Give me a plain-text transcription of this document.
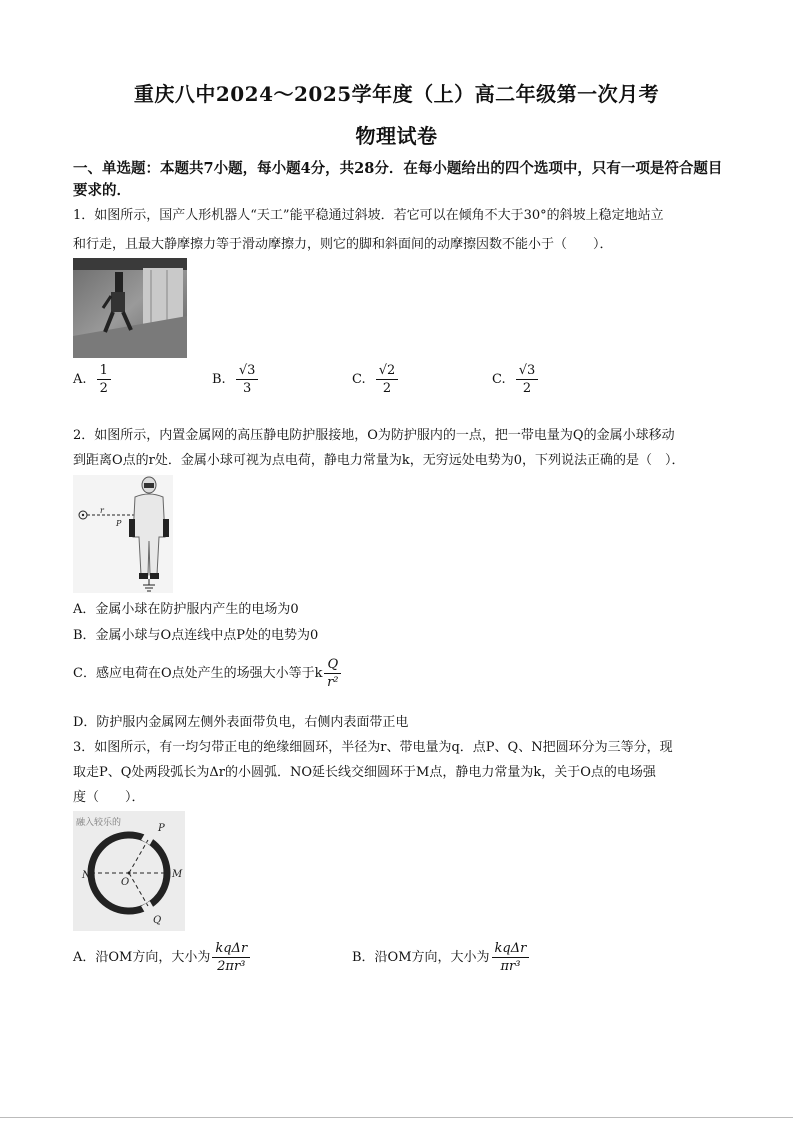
重庆八中2024～2025学年度（上）高二年级第一次月考
物理试卷
一、单选题：本题共7小题，每小题4分，共28分．在每小题给出的四个选项中，只有一项是符合题目要求的．
1．如图所示，国产人形机器人“天工”能平稳通过斜坡．若它可以在倾角不大于30°的斜坡上稳定地站立
和行走，且最大静摩擦力等于滑动摩擦力，则它的脚和斜面间的动摩擦因数不能小于（　　）．
A. $\frac{1}{2}$	B. $\frac{√3}{3}$	C. $\frac{√2}{2}$	C. $\frac{√3}{2}$
2．如图所示，内置金属网的高压静电防护服接地，O为防护服内的一点，把一带电量为Q的金属小球移动
到距离O点的r处．金属小球可视为点电荷，静电力常量为k，无穷远处电势为0，下列说法正确的是（　）．
r
P
A．金属小球在防护服内产生的电场为0
B．金属小球与O点连线中点P处的电势为0
C．感应电荷在O点处产生的场强大小等于k $\frac{Q}{\text{r²}}$
D．防护服内金属网左侧外表面带负电，右侧内表面带正电
3．如图所示，有一均匀带正电的绝缘细圆环，半径为r、带电量为q．点P、Q、N把圆环分为三等分，现
取走P、Q处两段弧长为Δr的小圆弧．NO延长线交细圆环于M点，静电力常量为k，关于O点的电场强
度（　　）．
融入较乐的	P
N
O
M
Q
A．沿OM方向，大小为 $\frac{\text{kqΔr}}{\text{2πr³}}$	B．沿OM方向，大小为 $\frac{\text{kqΔr}}{\text{πr³}}$
